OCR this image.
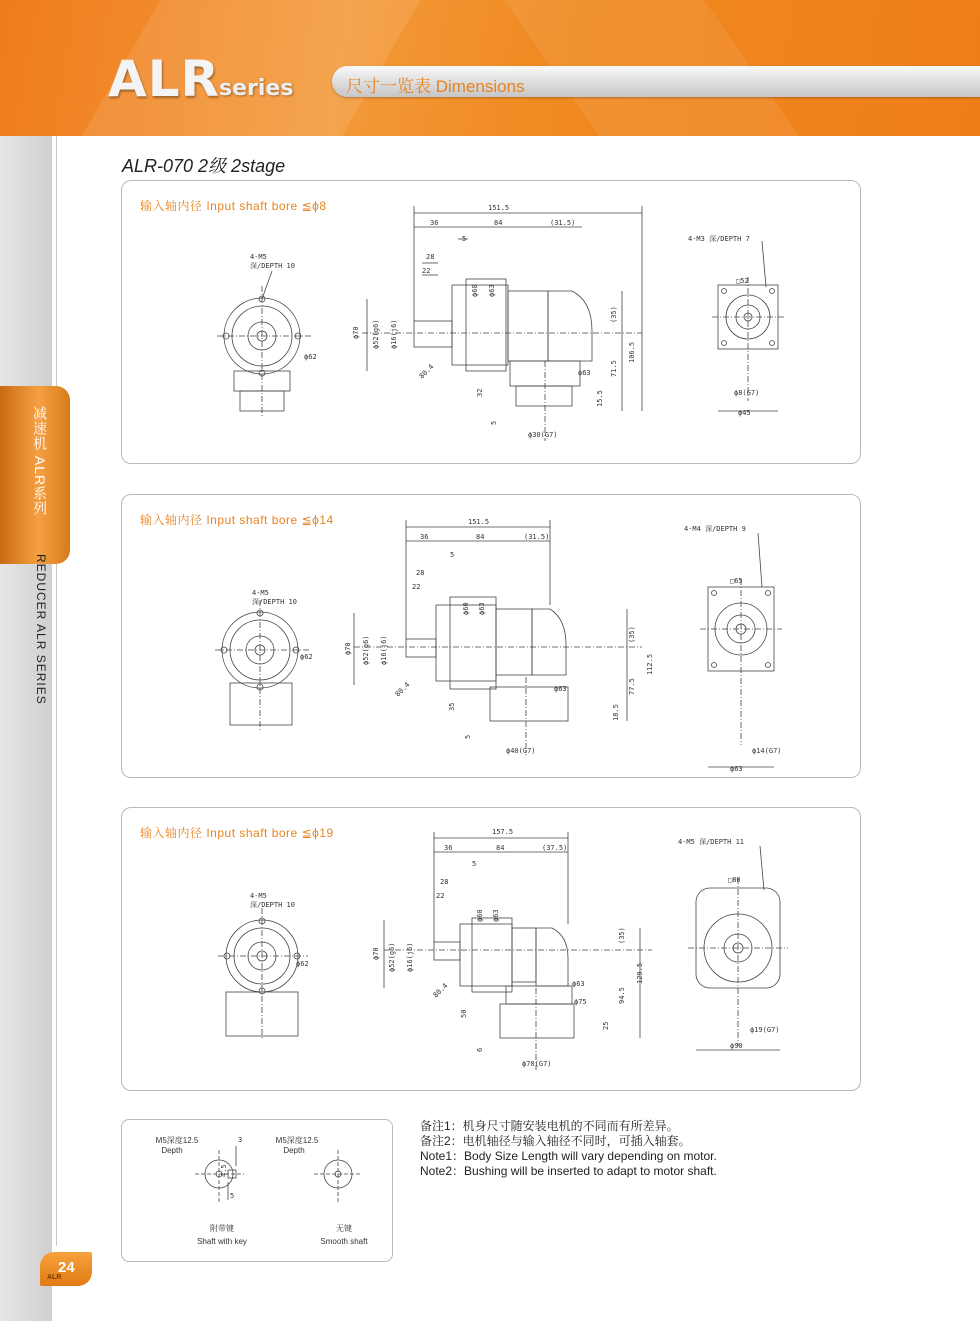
ALR
series	尺寸一览表 Dimensions
减速机 ALR系列
REDUCER ALR SERIES
ALR-070 2级 2stage
输入轴内径 Input shaft bore ≦ϕ8	151.5
36	84	(31.5)
5
28
22
4-M5
深/DEPTH 10
ϕ62
ϕ70 ϕ52(g6) ϕ16(j6)
ϕ60 ϕ63
80.4	ϕ63
32
5
(35)
71.5
106.5
15.5
ϕ30(G7)
4-M3 深/DEPTH 7
□52
ϕ8(G7)
ϕ45
输入轴内径 Input shaft bore ≦ϕ14	151.5
36	84	(31.5)
5
28
22
4-M5
深/DEPTH 10
ϕ62
ϕ70 ϕ52(g6) ϕ16(j6)
ϕ60 ϕ63
80.4	ϕ63
35
5
(35)
77.5
112.5
18.5
ϕ40(G7)
4-M4 深/DEPTH 9
□65
ϕ14(G7)
ϕ63
输入轴内径 Input shaft bore ≦ϕ19	157.5
36	84	(37.5)
5
28
22
4-M5
深/DEPTH 10
ϕ62
ϕ70 ϕ52(g6) ϕ16(j6)
ϕ60 ϕ63
80.4	ϕ63
ϕ75
50
6
(35)
94.5
129.5
25
ϕ70(G7)
4-M5 深/DEPTH 11
□80
ϕ19(G7)
ϕ90
3
4.5
5
M5深度12.5
Depth
M5深度12.5
Depth
附带键
Shaft with key
无键
Smooth shaft
备注1：机身尺寸随安装电机的不同而有所差异。
备注2：电机轴径与输入轴径不同时，可插入轴套。
Note1：Body Size Length will vary depending on motor.
Note2：Bushing will be inserted to adapt to motor shaft.
24
ALR
